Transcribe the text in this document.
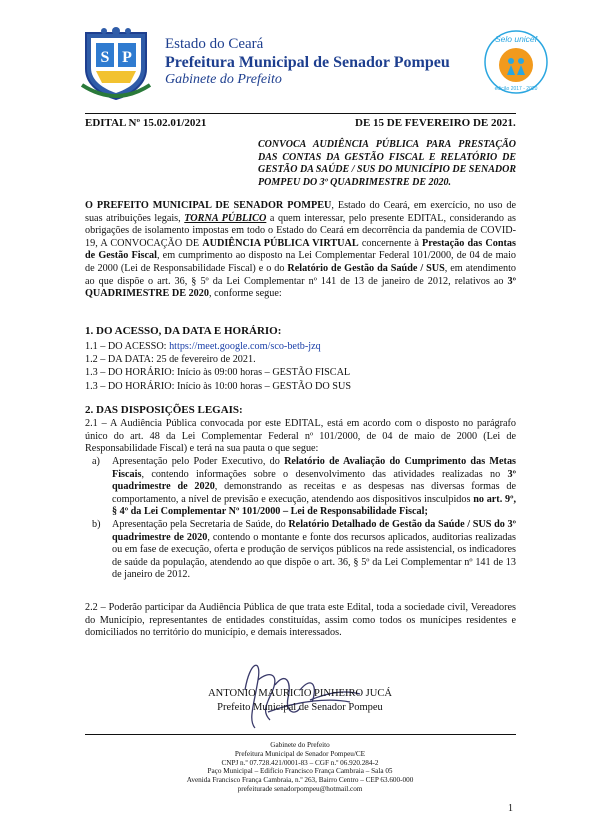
S P
Estado do Ceará
Prefeitura Municipal de Senador Pompeu
Gabinete do Prefeito
Selo unicef
edição 2017 - 2020
EDITAL Nº 15.02.01/2021	DE 15 DE FEVEREIRO DE 2021.
CONVOCA AUDIÊNCIA PÚBLICA PARA PRESTAÇÃO DAS CONTAS DA GESTÃO FISCAL E RELATÓRIO DE GESTÃO DA SAÚDE / SUS DO MUNICÍPIO DE SENADOR POMPEU DO 3º QUADRIMESTRE DE 2020.
O PREFEITO MUNICIPAL DE SENADOR POMPEU, Estado do Ceará, em exercício, no uso de suas atribuições legais, TORNA PÚBLICO a quem interessar, pelo presente EDITAL, considerando as obrigações de isolamento impostas em todo o Estado do Ceará em decorrência da pandemia de COVID-19, A CONVOCAÇÃO DE AUDIÊNCIA PÚBLICA VIRTUAL concernente à Prestação das Contas de Gestão Fiscal, em cumprimento ao disposto na Lei Complementar Federal 101/2000, de 04 de maio de 2000 (Lei de Responsabilidade Fiscal) e o do Relatório de Gestão da Saúde / SUS, em atendimento ao que dispõe o art. 36, § 5º da Lei Complementar nº 141 de 13 de janeiro de 2012, relativos ao 3º QUADRIMESTRE DE 2020, conforme segue:
1. DO ACESSO, DA DATA E HORÁRIO:
1.1 – DO ACESSO: https://meet.google.com/sco-betb-jzq
1.2 – DA DATA: 25 de fevereiro de 2021.
1.3 – DO HORÁRIO: Início às 09:00 horas – GESTÃO FISCAL
1.3 – DO HORÁRIO: Início às 10:00 horas – GESTÃO DO SUS
2. DAS DISPOSIÇÕES LEGAIS:
2.1 – A Audiência Pública convocada por este EDITAL, está em acordo com o disposto no parágrafo único do art. 48 da Lei Complementar Federal nº 101/2000, de 04 de maio de 2000 (Lei de Responsabilidade Fiscal) e terá na sua pauta o que segue:
a) Apresentação pelo Poder Executivo, do Relatório de Avaliação do Cumprimento das Metas Fiscais, contendo informações sobre o desenvolvimento das atividades realizadas no 3º quadrimestre de 2020, demonstrando as receitas e as despesas nas diversas formas de comportamento, a nível de previsão e execução, atendendo aos dispositivos insculpidos no art. 9º, § 4º da Lei Complementar Nº 101/2000 – Lei de Responsabilidade Fiscal;
b) Apresentação pela Secretaria de Saúde, do Relatório Detalhado de Gestão da Saúde / SUS do 3º quadrimestre de 2020, contendo o montante e fonte dos recursos aplicados, auditorias realizadas ou em fase de execução, oferta e produção de serviços públicos na rede assistencial, os indicadores de saúde da população, atendendo ao que dispõe o art. 36, § 5º da Lei Complementar nº 141 de 13 de janeiro de 2012.
2.2 – Poderão participar da Audiência Pública de que trata este Edital, toda a sociedade civil, Vereadores do Município, representantes de entidades constituídas, assim como todos os munícipes residentes e domiciliados no território do município, e demais interessados.
ANTONIO MAURICIO PINHEIRO JUCÁ
Prefeito Municipal de Senador Pompeu
Gabinete do Prefeito
Prefeitura Municipal de Senador Pompeu/CE
CNPJ n.º 07.728.421/0001-83 – CGF n.º 06.920.284-2
Paço Municipal – Edifício Francisco França Cambraia – Sala 05
Avenida Francisco França Cambraia, n.º 263, Bairro Centro – CEP 63.600-000
prefeiturade senadorpompeu@hotmail.com
1
